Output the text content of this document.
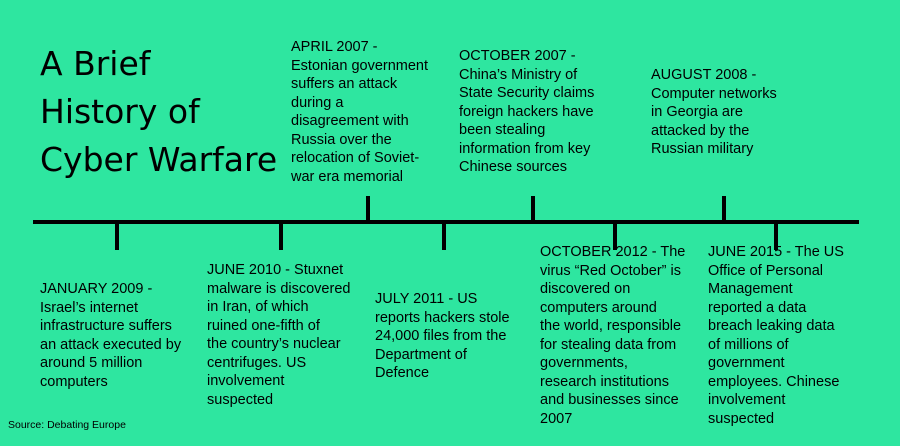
A Brief
History of
Cyber Warfare
APRIL 2007 -
Estonian government
suffers an attack
during a
disagreement with
Russia over the
relocation of Soviet-
war era memorial
OCTOBER 2007 -
China’s Ministry of
State Security claims
foreign hackers have
been stealing
information from key
Chinese sources
AUGUST 2008 -
Computer networks
in Georgia are
attacked by the
Russian military
JANUARY 2009 -
Israel’s internet
infrastructure suffers
an attack executed by
around 5 million
computers
JUNE 2010 - Stuxnet
malware is discovered
in Iran, of which
ruined one-fifth of
the country’s nuclear
centrifuges. US
involvement
suspected
JULY 2011 - US
reports hackers stole
24,000 files from the
Department of
Defence
OCTOBER 2012 - The
virus “Red October” is
discovered on
computers around
the world, responsible
for stealing data from
governments,
research institutions
and businesses since
2007
JUNE 2015 - The US
Office of Personal
Management
reported a data
breach leaking data
of millions of
government
employees. Chinese
involvement
suspected
Source: Debating Europe
